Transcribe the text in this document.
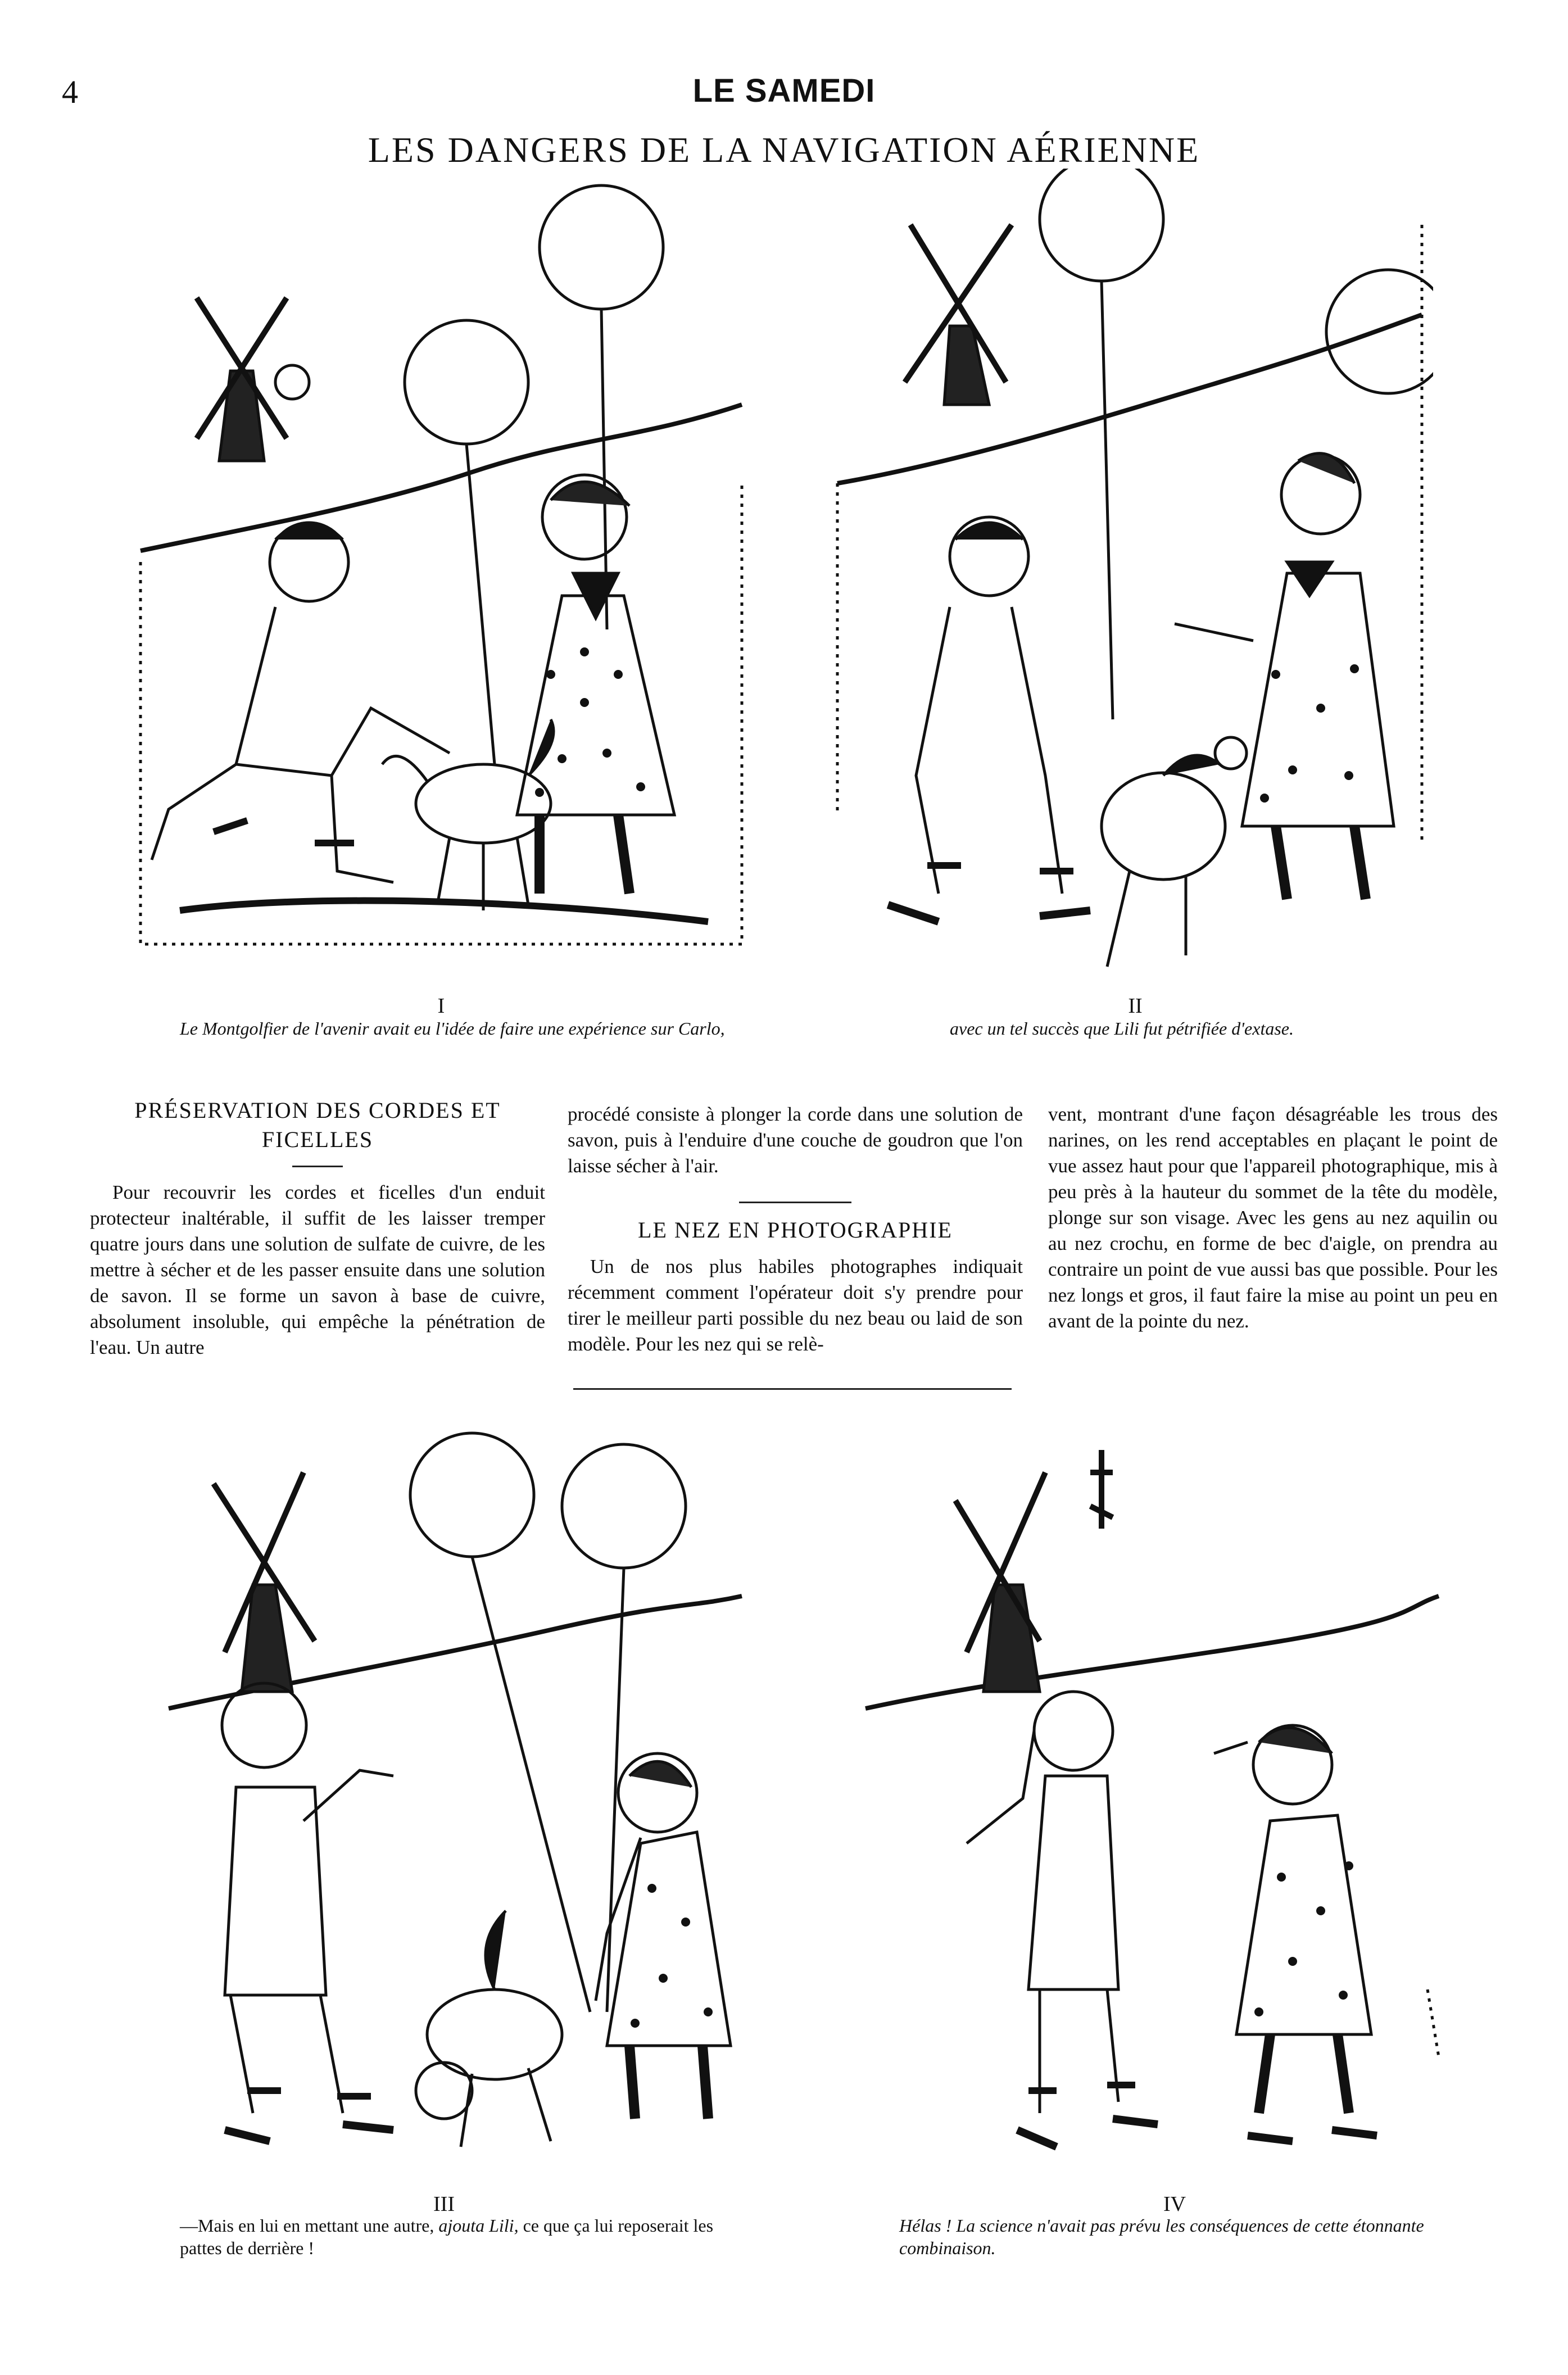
4	LE SAMEDI
LES DANGERS DE LA NAVIGATION AÉRIENNE
I
Le Montgolfier de l'avenir avait eu l'idée de faire une expérience sur Carlo,
II
avec un tel succès que Lili fut pétrifiée d'extase.
PRÉSERVATION DES CORDES ET FICELLES

Pour recouvrir les cordes et ficelles d'un enduit protecteur inaltérable, il suffit de les laisser tremper quatre jours dans une solution de sulfate de cuivre, de les mettre à sécher et de les passer ensuite dans une solution de savon. Il se forme un savon à base de cuivre, absolument insoluble, qui empêche la pénétration de l'eau. Un autre

procédé consiste à plonger la corde dans une solution de savon, puis à l'enduire d'une couche de goudron que l'on laisse sécher à l'air.

LE NEZ EN PHOTOGRAPHIE

Un de nos plus habiles photographes indiquait récemment comment l'opérateur doit s'y prendre pour tirer le meilleur parti possible du nez beau ou laid de son modèle. Pour les nez qui se relè-

vent, montrant d'une façon désagréable les trous des narines, on les rend acceptables en plaçant le point de vue assez haut pour que l'appareil photographique, mis à peu près à la hauteur du sommet de la tête du modèle, plonge sur son visage. Avec les gens au nez aquilin ou au nez crochu, en forme de bec d'aigle, on prendra au contraire un point de vue aussi bas que possible. Pour les nez longs et gros, il faut faire la mise au point un peu en avant de la pointe du nez.

III
—Mais en lui en mettant une autre, ajouta Lili, ce que ça lui reposerait les pattes de derrière !
IV
Hélas ! La science n'avait pas prévu les conséquences de cette étonnante combinaison.
